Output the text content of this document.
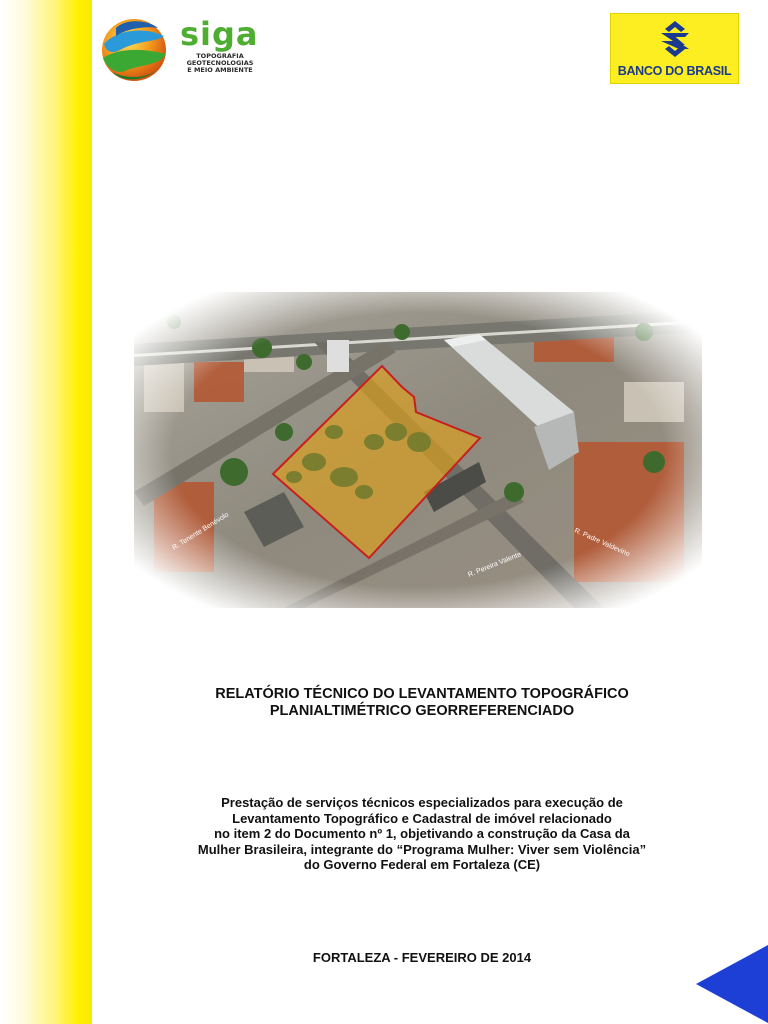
siga
TOPOGRAFIA
GEOTECNOLOGIAS
E MEIO AMBIENTE	BANCO DO BRASIL
RELATÓRIO TÉCNICO DO LEVANTAMENTO TOPOGRÁFICO
PLANIALTIMÉTRICO GEORREFERENCIADO
Prestação de serviços técnicos especializados para execução de
Levantamento Topográfico e Cadastral de imóvel relacionado
no item 2 do Documento nº 1, objetivando a construção da Casa da
Mulher Brasileira, integrante do “Programa Mulher: Viver sem Violência”
do Governo Federal em Fortaleza (CE)
FORTALEZA - FEVEREIRO DE 2014
